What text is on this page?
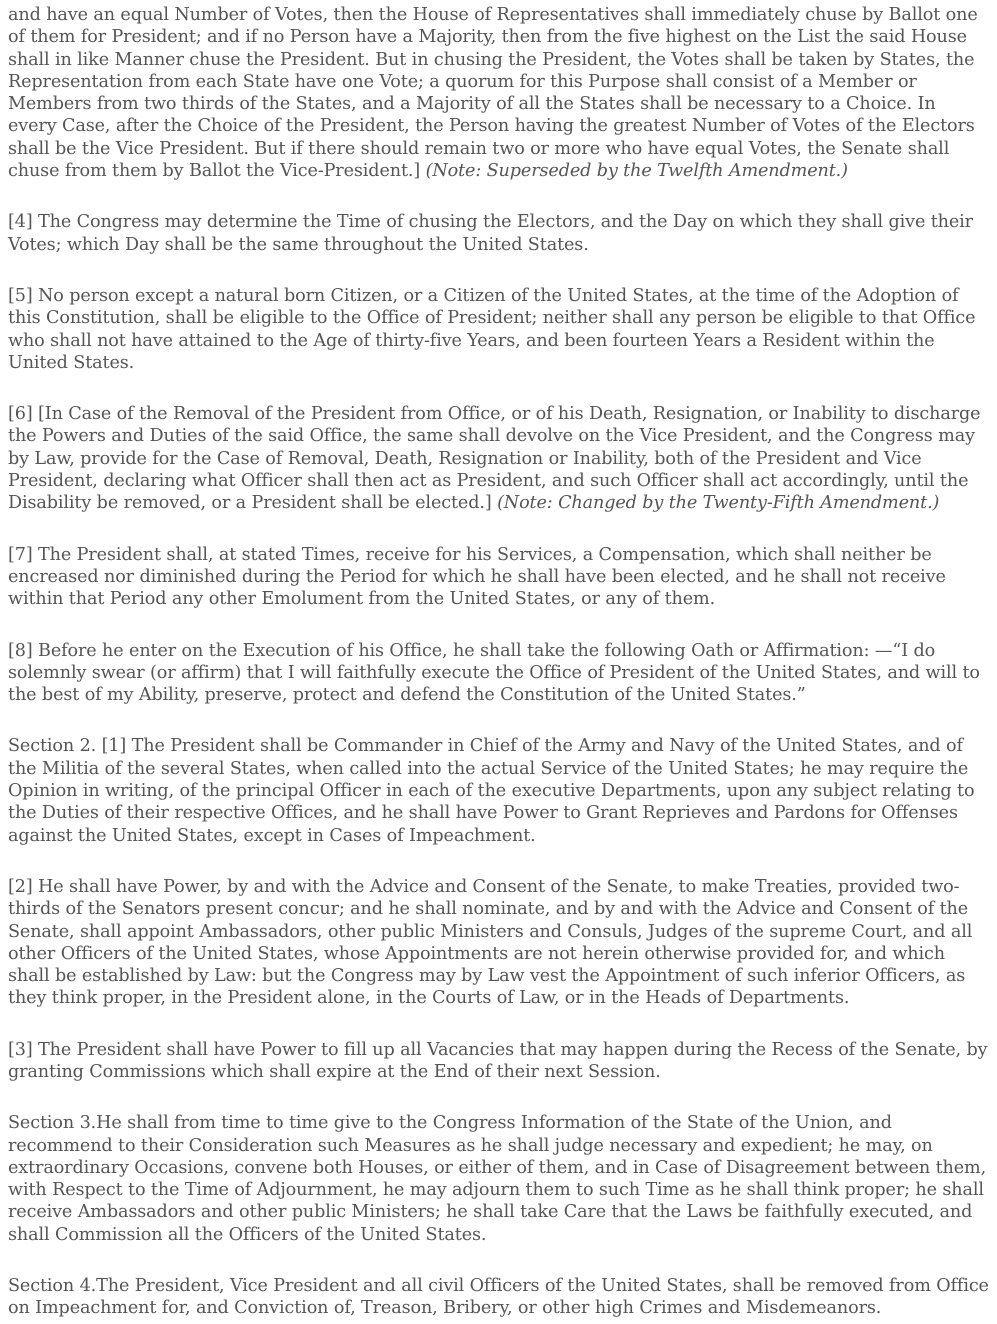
and have an equal Number of Votes, then the House of Representatives shall immediately chuse by Ballot one of them for President; and if no Person have a Majority, then from the five highest on the List the said House shall in like Manner chuse the President. But in chusing the President, the Votes shall be taken by States, the Representation from each State have one Vote; a quorum for this Purpose shall consist of a Member or Members from two thirds of the States, and a Majority of all the States shall be necessary to a Choice. In every Case, after the Choice of the President, the Person having the greatest Number of Votes of the Electors shall be the Vice President. But if there should remain two or more who have equal Votes, the Senate shall chuse from them by Ballot the Vice-President.] (Note: Superseded by the Twelfth Amendment.)

[4] The Congress may determine the Time of chusing the Electors, and the Day on which they shall give their Votes; which Day shall be the same throughout the United States.

[5] No person except a natural born Citizen, or a Citizen of the United States, at the time of the Adoption of this Constitution, shall be eligible to the Office of President; neither shall any person be eligible to that Office who shall not have attained to the Age of thirty-five Years, and been fourteen Years a Resident within the United States.

[6] [In Case of the Removal of the President from Office, or of his Death, Resignation, or Inability to discharge the Powers and Duties of the said Office, the same shall devolve on the Vice President, and the Congress may by Law, provide for the Case of Removal, Death, Resignation or Inability, both of the President and Vice President, declaring what Officer shall then act as President, and such Officer shall act accordingly, until the Disability be removed, or a President shall be elected.] (Note: Changed by the Twenty-Fifth Amendment.)

[7] The President shall, at stated Times, receive for his Services, a Compensation, which shall neither be encreased nor diminished during the Period for which he shall have been elected, and he shall not receive within that Period any other Emolument from the United States, or any of them.

[8] Before he enter on the Execution of his Office, he shall take the following Oath or Affirmation: —“I do solemnly swear (or affirm) that I will faithfully execute the Office of President of the United States, and will to the best of my Ability, preserve, protect and defend the Constitution of the United States.”

Section 2. [1] The President shall be Commander in Chief of the Army and Navy of the United States, and of the Militia of the several States, when called into the actual Service of the United States; he may require the Opinion in writing, of the principal Officer in each of the executive Departments, upon any subject relating to the Duties of their respective Offices, and he shall have Power to Grant Reprieves and Pardons for Offenses against the United States, except in Cases of Impeachment.

[2] He shall have Power, by and with the Advice and Consent of the Senate, to make Treaties, provided two-thirds of the Senators present concur; and he shall nominate, and by and with the Advice and Consent of the Senate, shall appoint Ambassadors, other public Ministers and Consuls, Judges of the supreme Court, and all other Officers of the United States, whose Appointments are not herein otherwise provided for, and which shall be established by Law: but the Congress may by Law vest the Appointment of such inferior Officers, as they think proper, in the President alone, in the Courts of Law, or in the Heads of Departments.

[3] The President shall have Power to fill up all Vacancies that may happen during the Recess of the Senate, by granting Commissions which shall expire at the End of their next Session.

Section 3.He shall from time to time give to the Congress Information of the State of the Union, and recommend to their Consideration such Measures as he shall judge necessary and expedient; he may, on extraordinary Occasions, convene both Houses, or either of them, and in Case of Disagreement between them, with Respect to the Time of Adjournment, he may adjourn them to such Time as he shall think proper; he shall receive Ambassadors and other public Ministers; he shall take Care that the Laws be faithfully executed, and shall Commission all the Officers of the United States.

Section 4.The President, Vice President and all civil Officers of the United States, shall be removed from Office on Impeachment for, and Conviction of, Treason, Bribery, or other high Crimes and Misdemeanors.
